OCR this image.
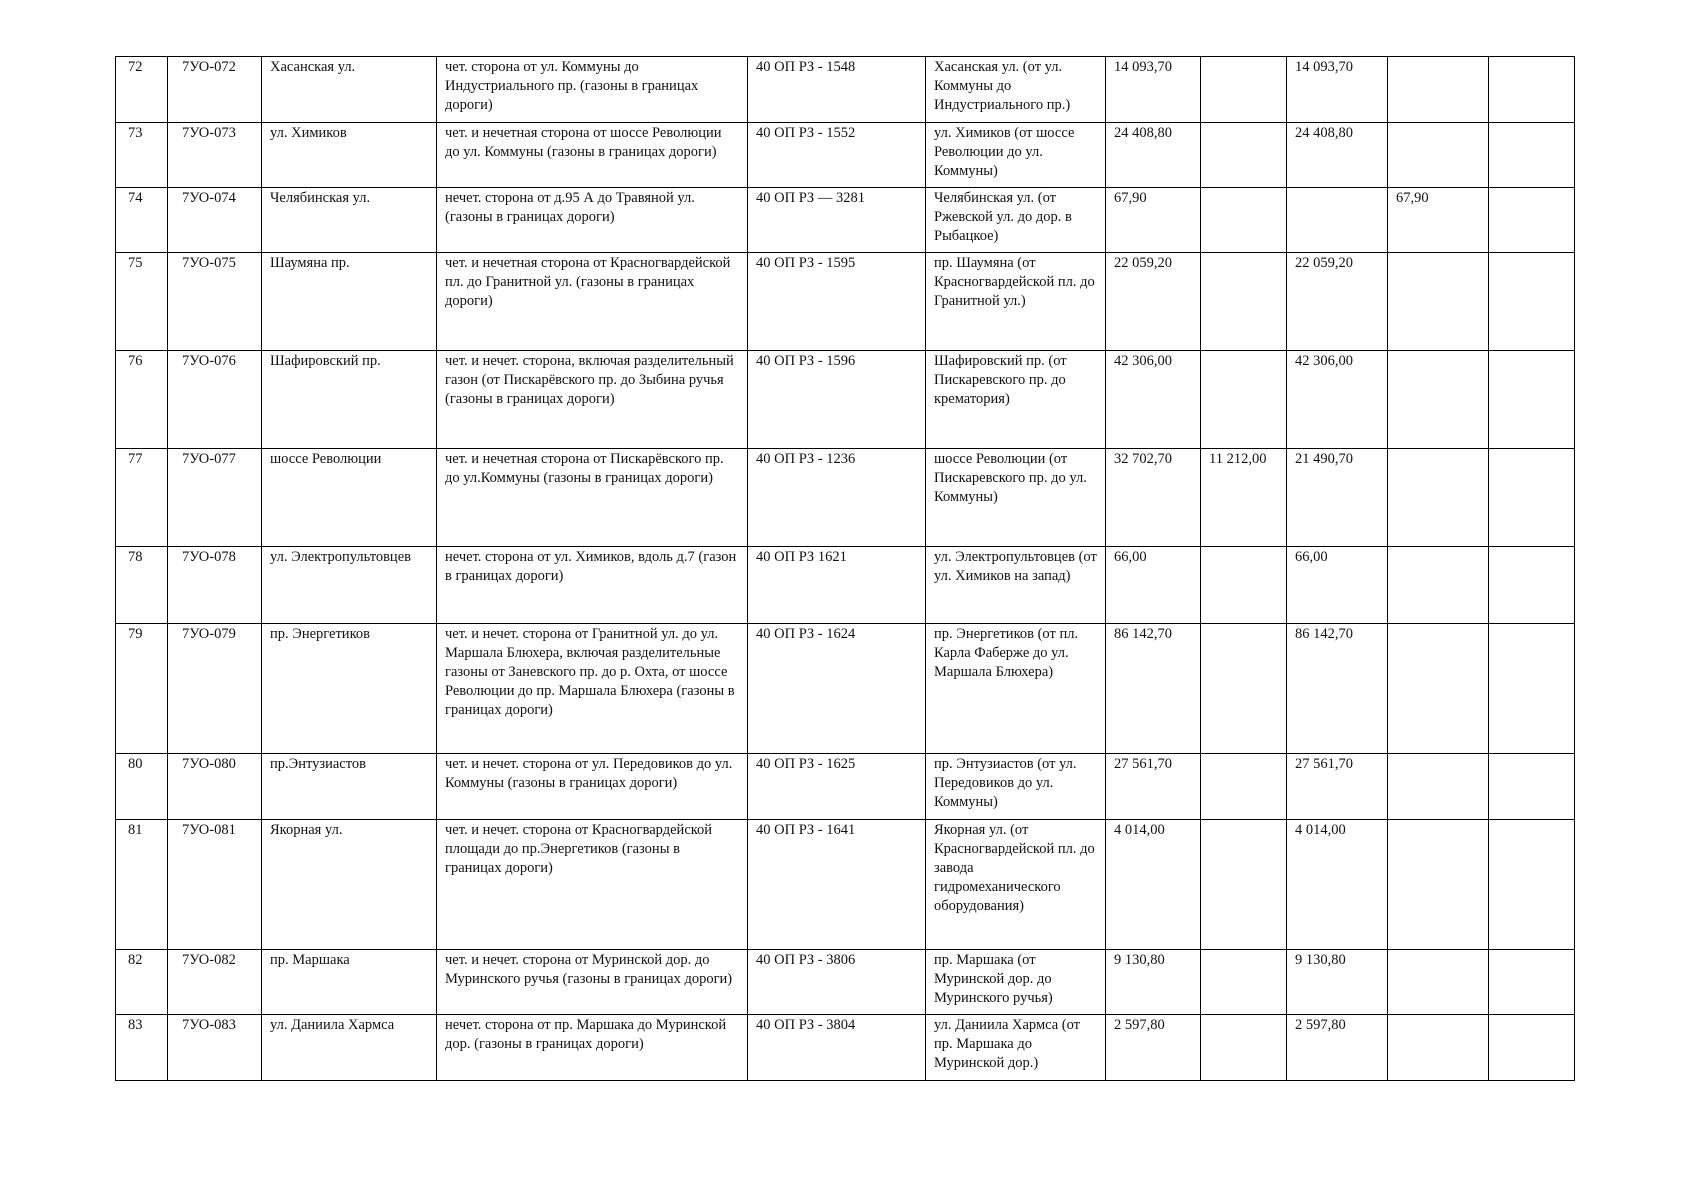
72	7УО-072	Хасанская ул.	чет. сторона от ул. Коммуны до Индустриального пр. (газоны в границах дороги)	40 ОП РЗ - 1548	Хасанская ул. (от ул. Коммуны до Индустриального пр.)	14 093,70		14 093,70		
73	7УО-073	ул. Химиков	чет. и нечетная сторона от шоссе Революции до ул. Коммуны (газоны в границах дороги)	40 ОП РЗ - 1552	ул. Химиков (от шоссе Революции до ул. Коммуны)	24 408,80		24 408,80		
74	7УО-074	Челябинская ул.	нечет. сторона от д.95 А до Травяной ул. (газоны в границах дороги)	40 ОП РЗ — 3281	Челябинская ул. (от Ржевской ул. до дор. в Рыбацкое)	67,90			67,90	
75	7УО-075	Шаумяна пр.	чет. и нечетная сторона от Красногвардейской пл. до Гранитной ул. (газоны в границах дороги)	40 ОП РЗ - 1595	пр. Шаумяна (от Красногвардейской пл. до Гранитной ул.)	22 059,20		22 059,20		
76	7УО-076	Шафировский пр.	чет. и нечет. сторона, включая разделительный газон (от Пискарёвского пр. до Зыбина ручья (газоны в границах дороги)	40 ОП РЗ - 1596	Шафировский пр. (от Пискаревского пр. до крематория)	42 306,00		42 306,00		
77	7УО-077	шоссе Революции	чет. и нечетная сторона от Пискарёвского пр. до ул.Коммуны (газоны в границах дороги)	40 ОП РЗ - 1236	шоссе Революции (от Пискаревского пр. до ул. Коммуны)	32 702,70	11 212,00	21 490,70		
78	7УО-078	ул. Электропультовцев	нечет. сторона от ул. Химиков, вдоль д.7 (газон в границах дороги)	40 ОП РЗ 1621	ул. Электропультовцев (от ул. Химиков на запад)	66,00		66,00		
79	7УО-079	пр. Энергетиков	чет. и нечет. сторона от Гранитной ул. до ул. Маршала Блюхера, включая разделительные газоны от Заневского пр. до р. Охта, от шоссе Революции до пр. Маршала Блюхера (газоны в границах дороги)	40 ОП РЗ - 1624	пр. Энергетиков (от пл. Карла Фаберже до ул. Маршала Блюхера)	86 142,70		86 142,70		
80	7УО-080	пр.Энтузиастов	чет. и нечет. сторона от ул. Передовиков до ул. Коммуны (газоны в границах дороги)	40 ОП РЗ - 1625	пр. Энтузиастов (от ул. Передовиков до ул. Коммуны)	27 561,70		27 561,70		
81	7УО-081	Якорная ул.	чет. и нечет. сторона от Красногвардейской площади до пр.Энергетиков (газоны в границах дороги)	40 ОП РЗ - 1641	Якорная ул. (от Красногвардейской пл. до завода гидромеханического оборудования)	4 014,00		4 014,00		
82	7УО-082	пр. Маршака	чет. и нечет. сторона от Муринской дор. до Муринского ручья (газоны в границах дороги)	40 ОП РЗ - 3806	пр. Маршака (от Муринской дор. до Муринского ручья)	9 130,80		9 130,80		
83	7УО-083	ул. Даниила Хармса	нечет. сторона от пр. Маршака до Муринской дор. (газоны в границах дороги)	40 ОП РЗ - 3804	ул. Даниила Хармса (от пр. Маршака до Муринской дор.)	2 597,80		2 597,80		
